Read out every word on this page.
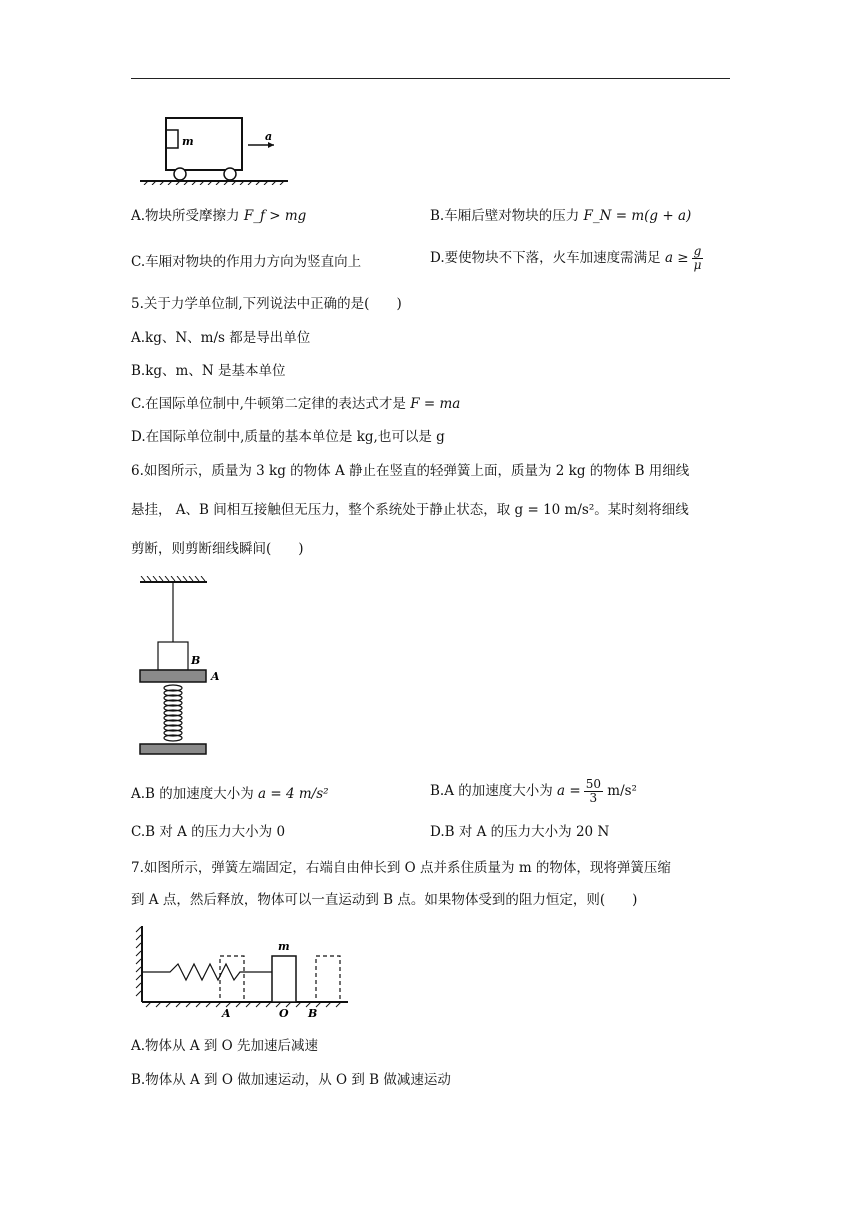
m	a
A.物块所受摩擦力 F_f > mg	B.车厢后壁对物块的压力 F_N = m(g + a)
C.车厢对物块的作用力方向为竖直向上	D.要使物块不下落，火车加速度需满足 $a \ge \frac{g}{\mu}$
5.关于力学单位制,下列说法中正确的是(　　)
A.kg、N、m/s 都是导出单位
B.kg、m、N 是基本单位
C.在国际单位制中,牛顿第二定律的表达式才是 F = ma
D.在国际单位制中,质量的基本单位是 kg,也可以是 g
6.如图所示，质量为 3 kg 的物体 A 静止在竖直的轻弹簧上面，质量为 2 kg 的物体 B 用细线
悬挂， A、B 间相互接触但无压力，整个系统处于静止状态，取 g = 10 m/s²。某时刻将细线
剪断，则剪断细线瞬间(　　)
B
A
A.B 的加速度大小为 a = 4 m/s²	B.A 的加速度大小为 $a = \frac{50}{3} m/s^2$
C.B 对 A 的压力大小为 0	D.B 对 A 的压力大小为 20 N
7.如图所示，弹簧左端固定，右端自由伸长到 O 点并系住质量为 m 的物体，现将弹簧压缩
到 A 点，然后释放，物体可以一直运动到 B 点。如果物体受到的阻力恒定，则(　　)
m
A	O B
A.物体从 A 到 O 先加速后减速
B.物体从 A 到 O 做加速运动，从 O 到 B 做减速运动
